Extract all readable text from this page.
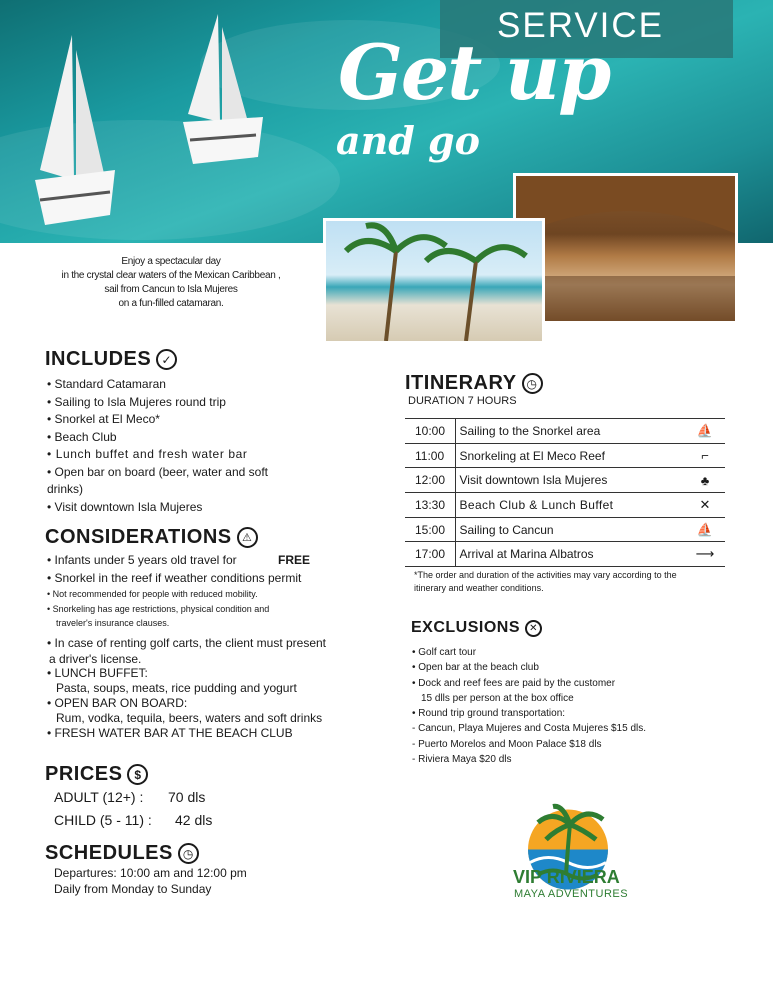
SERVICE
Get up
and go
Enjoy a spectacular day
in the crystal clear waters of the Mexican Caribbean ,
sail from Cancun to Isla Mujeres
on a fun-filled catamaran.
INCLUDES ✓
• Standard Catamaran
• Sailing to Isla Mujeres round trip
• Snorkel at El Meco*
• Beach Club
• Lunch buffet and fresh water bar
• Open bar on board (beer, water and soft
drinks)
• Visit downtown Isla Mujeres
CONSIDERATIONS ⚠
• Infants under 5 years old travel for	FREE
• Snorkel in the reef if weather conditions permit
• Not recommended for people with reduced mobility.
• Snorkeling has age restrictions, physical condition and
traveler's insurance clauses.
• In case of renting golf carts, the client must present
a driver's license.
• LUNCH BUFFET:
Pasta, soups, meats, rice pudding and yogurt
• OPEN BAR ON BOARD:
Rum, vodka, tequila, beers, waters and soft drinks
• FRESH WATER BAR AT THE BEACH CLUB
PRICES $
ADULT (12+) : 70 dls
CHILD (5 - 11) : 42 dls
SCHEDULES ◷
Departures: 10:00 am and 12:00 pm
Daily from Monday to Sunday
ITINERARY ◷
DURATION 7 HOURS
10:00	Sailing to the Snorkel area	⛵
11:00	Snorkeling at El Meco Reef	⌐
12:00	Visit downtown Isla Mujeres	♣
13:30	Beach Club & Lunch Buffet	✕
15:00	Sailing to Cancun	⛵
17:00	Arrival at Marina Albatros	⟶
*The order and duration of the activities may vary according to the itinerary and weather conditions.
EXCLUSIONS ✕
• Golf cart tour
• Open bar at the beach club
• Dock and reef fees are paid by the customer
15 dlls per person at the box office
• Round trip ground transportation:
- Cancun, Playa Mujeres and Costa Mujeres $15 dls.
- Puerto Morelos and Moon Palace $18 dls
- Riviera Maya $20 dls
VIP RIVIERA
MAYA ADVENTURES
